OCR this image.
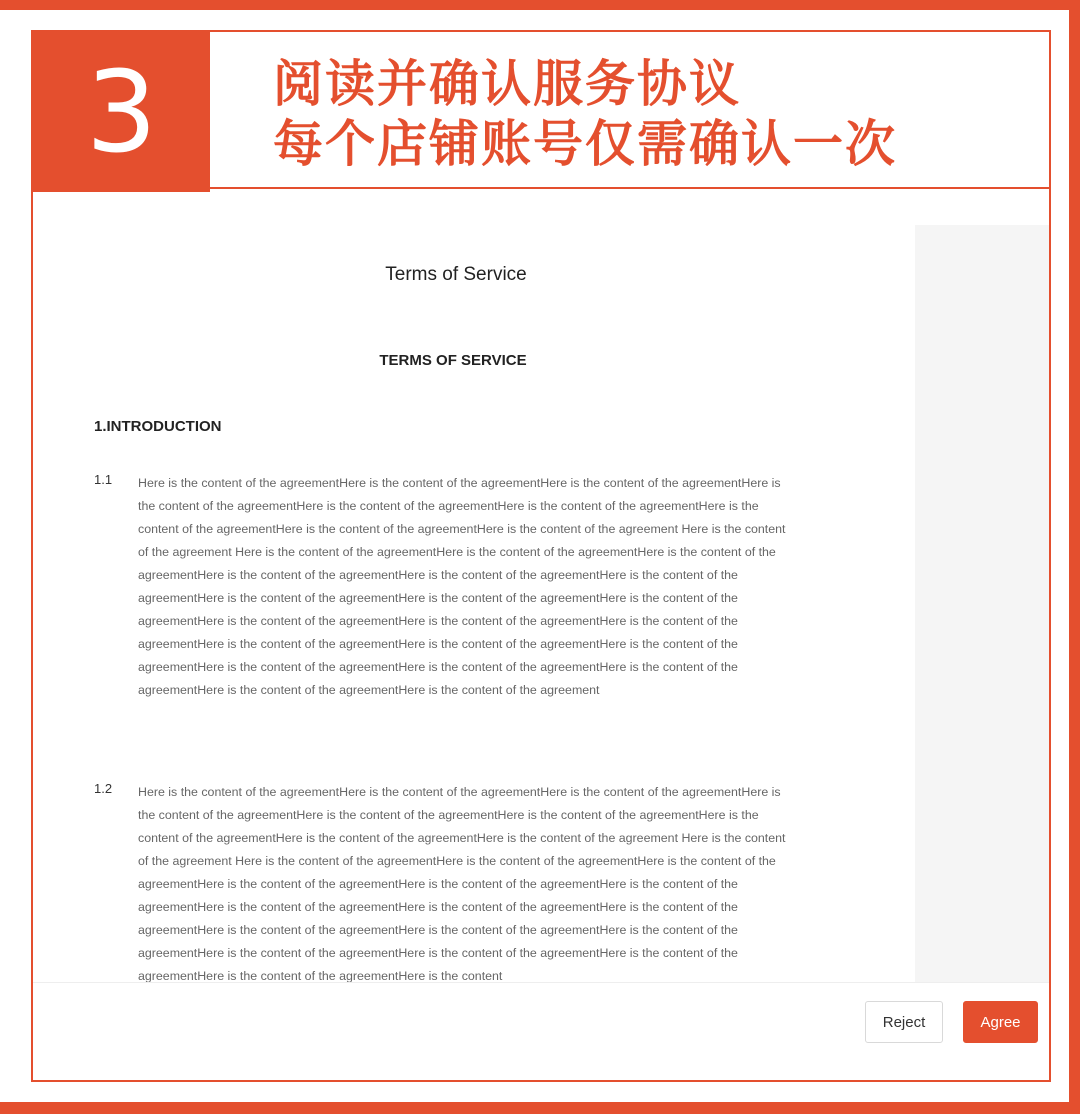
3 阅读并确认服务协议
每个店铺账号仅需确认一次
Terms of Service
TERMS OF SERVICE
1.INTRODUCTION
1.1 Here is the content of the agreementHere is the content of the agreementHere is the content of the agreementHere is the content of the agreementHere is the content of the agreementHere is the content of the agreementHere is the content of the agreementHere is the content of the agreementHere is the content of the agreement Here is the content of the agreement Here is the content of the agreementHere is the content of the agreementHere is the content of the agreementHere is the content of the agreementHere is the content of the agreementHere is the content of the agreementHere is the content of the agreementHere is the content of the agreementHere is the content of the agreementHere is the content of the agreementHere is the content of the agreementHere is the content of the agreementHere is the content of the agreementHere is the content of the agreementHere is the content of the agreementHere is the content of the agreementHere is the content of the agreementHere is the content of the agreementHere is the content of the agreementHere is the content of the agreement

1.2 Here is the content of the agreementHere is the content of the agreementHere is the content of the agreementHere is the content of the agreementHere is the content of the agreementHere is the content of the agreementHere is the content of the agreementHere is the content of the agreementHere is the content of the agreement Here is the content of the agreement Here is the content of the agreementHere is the content of the agreementHere is the content of the agreementHere is the content of the agreementHere is the content of the agreementHere is the content of the agreementHere is the content of the agreementHere is the content of the agreementHere is the content of the agreementHere is the content of the agreementHere is the content of the agreementHere is the content of the agreementHere is the content of the agreementHere is the content of the agreementHere is the content of the agreementHere is the content of the agreementHere is the content

Reject	Agree
